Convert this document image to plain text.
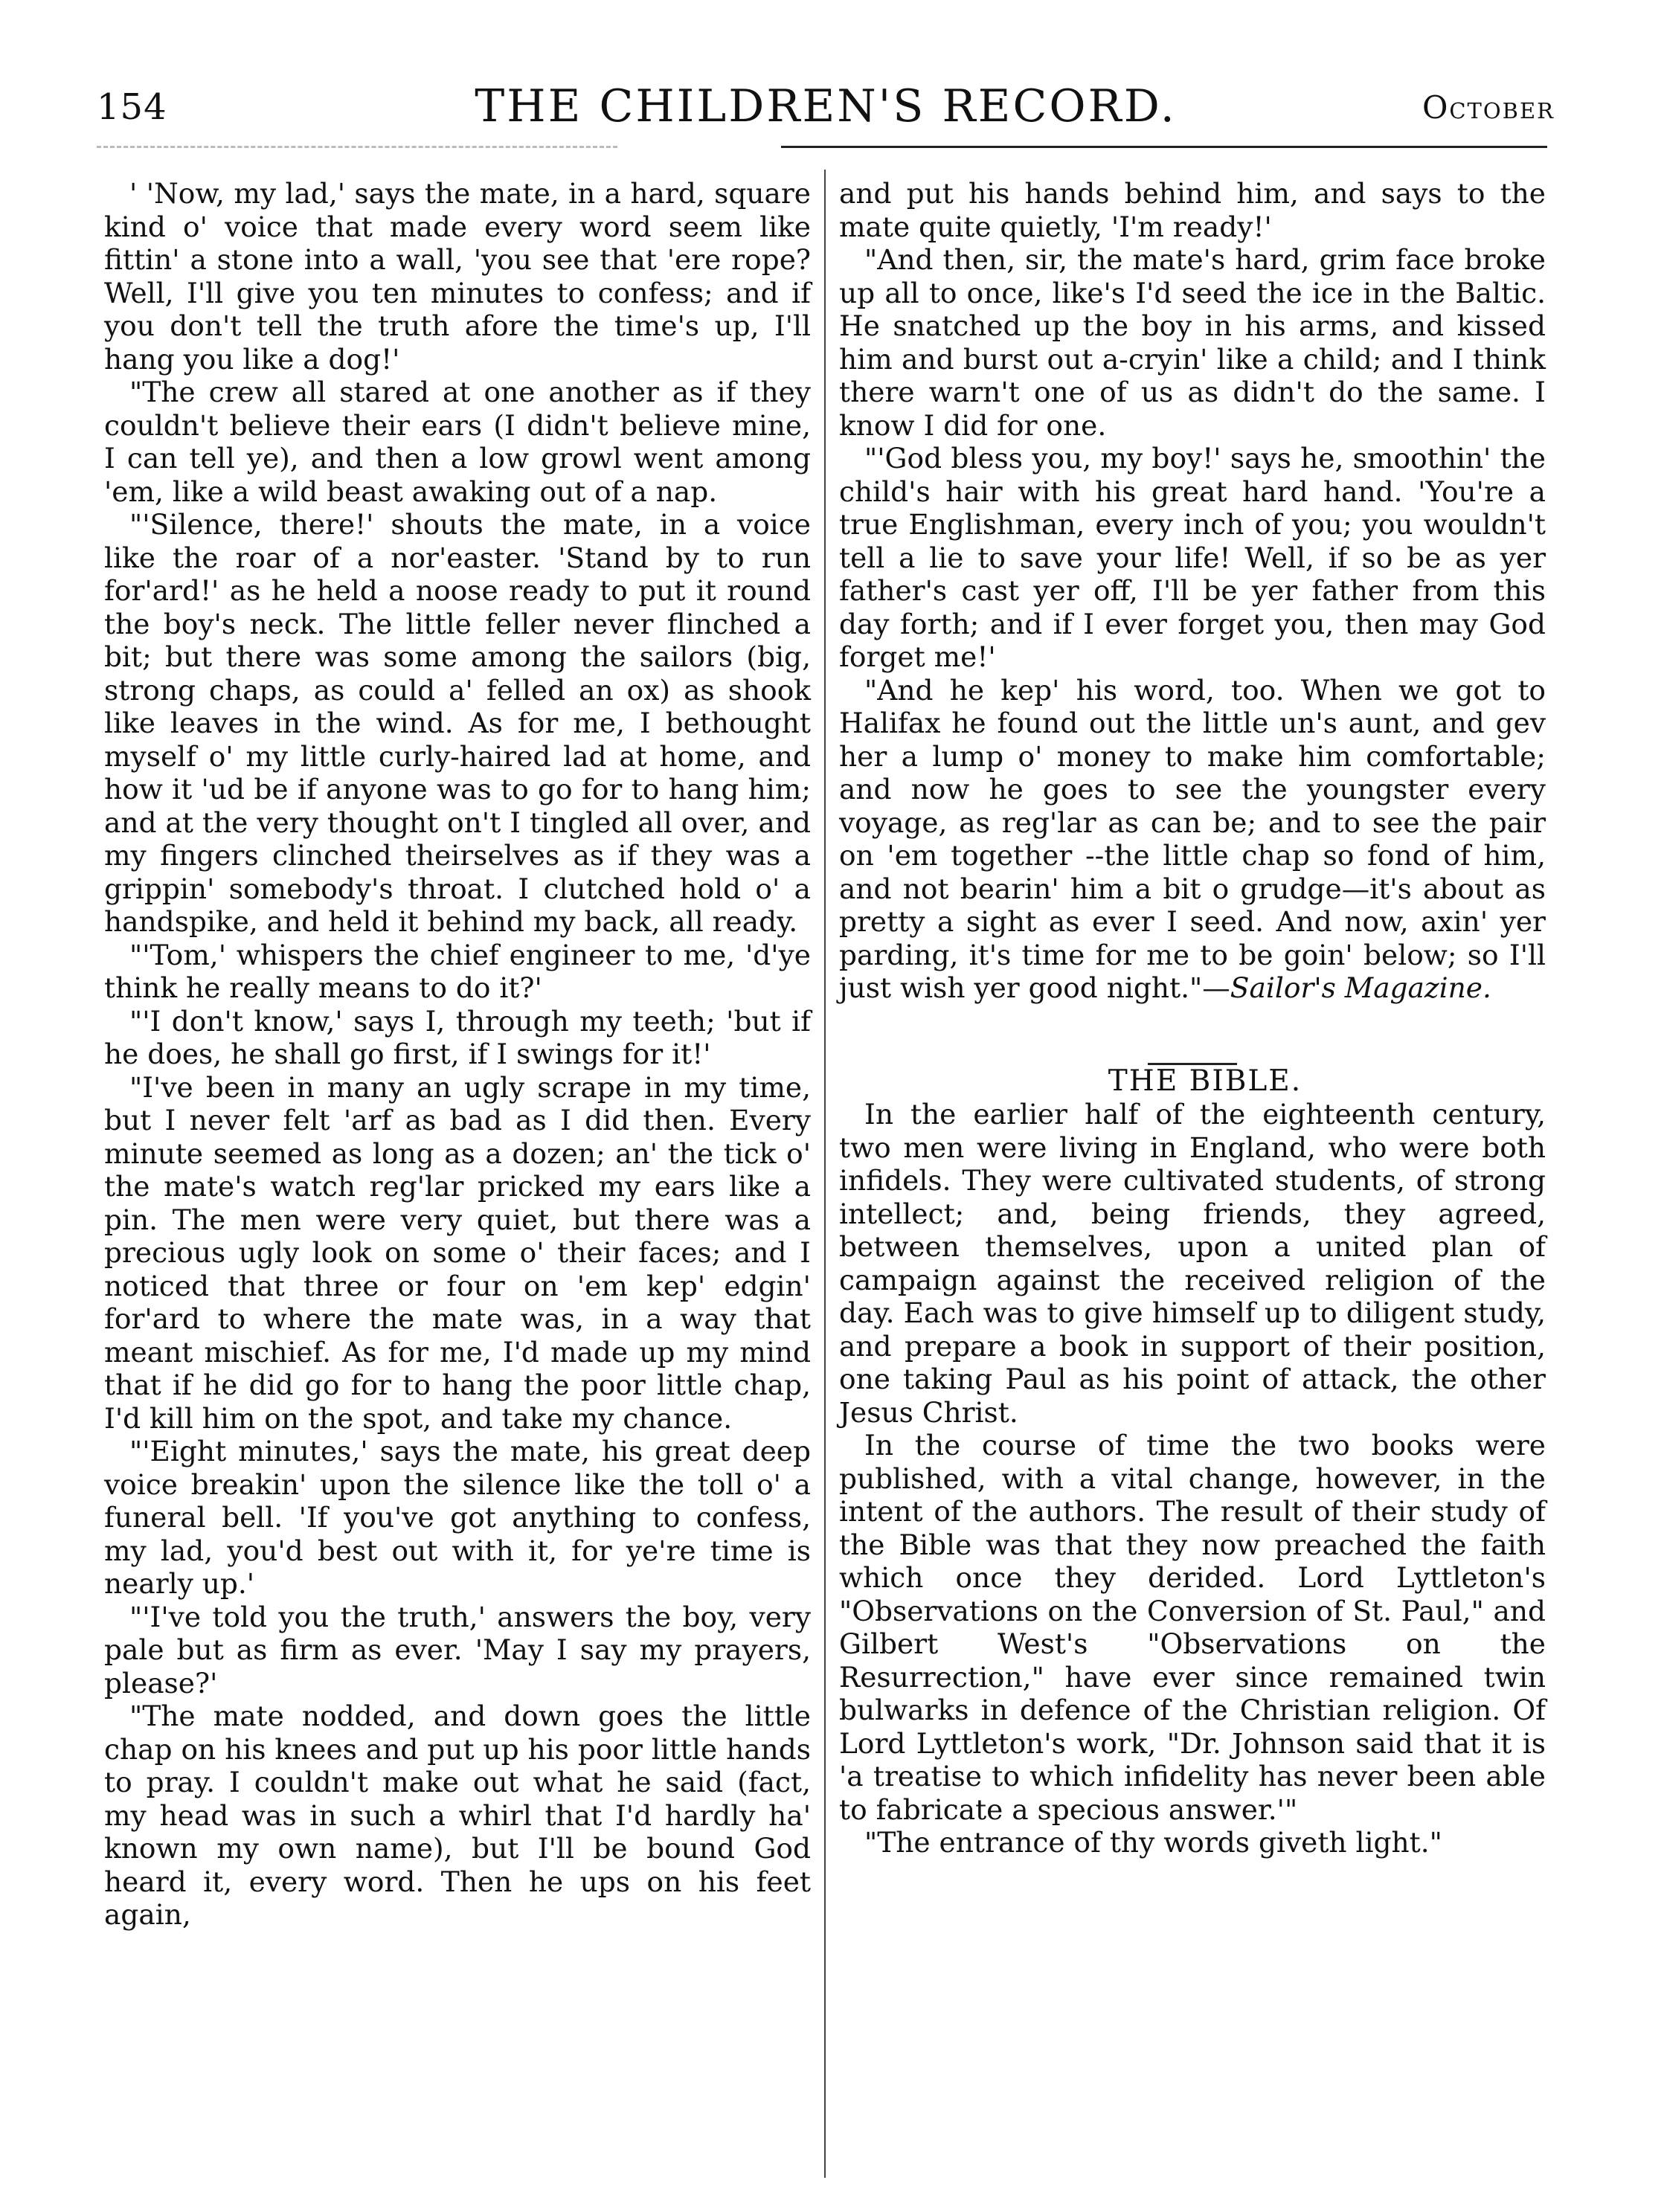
154	THE CHILDREN'S RECORD.	October

' 'Now, my lad,' says the mate, in a hard, square kind o' voice that made every word seem like fittin' a stone into a wall, 'you see that 'ere rope? Well, I'll give you ten minutes to confess; and if you don't tell the truth afore the time's up, I'll hang you like a dog!'

"The crew all stared at one another as if they couldn't believe their ears (I didn't believe mine, I can tell ye), and then a low growl went among 'em, like a wild beast awaking out of a nap.

"'Silence, there!' shouts the mate, in a voice like the roar of a nor'easter. 'Stand by to run for'ard!' as he held a noose ready to put it round the boy's neck. The little feller never flinched a bit; but there was some among the sailors (big, strong chaps, as could a' felled an ox) as shook like leaves in the wind. As for me, I bethought myself o' my little curly-haired lad at home, and how it 'ud be if anyone was to go for to hang him; and at the very thought on't I tingled all over, and my fingers clinched theirselves as if they was a grippin' somebody's throat. I clutched hold o' a handspike, and held it behind my back, all ready.

"'Tom,' whispers the chief engineer to me, 'd'ye think he really means to do it?'

"'I don't know,' says I, through my teeth; 'but if he does, he shall go first, if I swings for it!'

"I've been in many an ugly scrape in my time, but I never felt 'arf as bad as I did then. Every minute seemed as long as a dozen; an' the tick o' the mate's watch reg'lar pricked my ears like a pin. The men were very quiet, but there was a precious ugly look on some o' their faces; and I noticed that three or four on 'em kep' edgin' for'ard to where the mate was, in a way that meant mischief. As for me, I'd made up my mind that if he did go for to hang the poor little chap, I'd kill him on the spot, and take my chance.

"'Eight minutes,' says the mate, his great deep voice breakin' upon the silence like the toll o' a funeral bell. 'If you've got anything to confess, my lad, you'd best out with it, for ye're time is nearly up.'

"'I've told you the truth,' answers the boy, very pale but as firm as ever. 'May I say my prayers, please?'

"The mate nodded, and down goes the little chap on his knees and put up his poor little hands to pray. I couldn't make out what he said (fact, my head was in such a whirl that I'd hardly ha' known my own name), but I'll be bound God heard it, every word. Then he ups on his feet again,

and put his hands behind him, and says to the mate quite quietly, 'I'm ready!'

"And then, sir, the mate's hard, grim face broke up all to once, like's I'd seed the ice in the Baltic. He snatched up the boy in his arms, and kissed him and burst out a-cryin' like a child; and I think there warn't one of us as didn't do the same. I know I did for one.

"'God bless you, my boy!' says he, smoothin' the child's hair with his great hard hand. 'You're a true Englishman, every inch of you; you wouldn't tell a lie to save your life! Well, if so be as yer father's cast yer off, I'll be yer father from this day forth; and if I ever forget you, then may God forget me!'

"And he kep' his word, too. When we got to Halifax he found out the little un's aunt, and gev her a lump o' money to make him comfortable; and now he goes to see the youngster every voyage, as reg'lar as can be; and to see the pair on 'em together --the little chap so fond of him, and not bearin' him a bit o grudge—it's about as pretty a sight as ever I seed. And now, axin' yer parding, it's time for me to be goin' below; so I'll just wish yer good night."—Sailor's Magazine.

THE BIBLE.

In the earlier half of the eighteenth century, two men were living in England, who were both infidels. They were cultivated students, of strong intellect; and, being friends, they agreed, between themselves, upon a united plan of campaign against the received religion of the day. Each was to give himself up to diligent study, and prepare a book in support of their position, one taking Paul as his point of attack, the other Jesus Christ.

In the course of time the two books were published, with a vital change, however, in the intent of the authors. The result of their study of the Bible was that they now preached the faith which once they derided. Lord Lyttleton's "Observations on the Conversion of St. Paul," and Gilbert West's "Observations on the Resurrection," have ever since remained twin bulwarks in defence of the Christian religion. Of Lord Lyttleton's work, "Dr. Johnson said that it is 'a treatise to which infidelity has never been able to fabricate a specious answer.'"

"The entrance of thy words giveth light."
